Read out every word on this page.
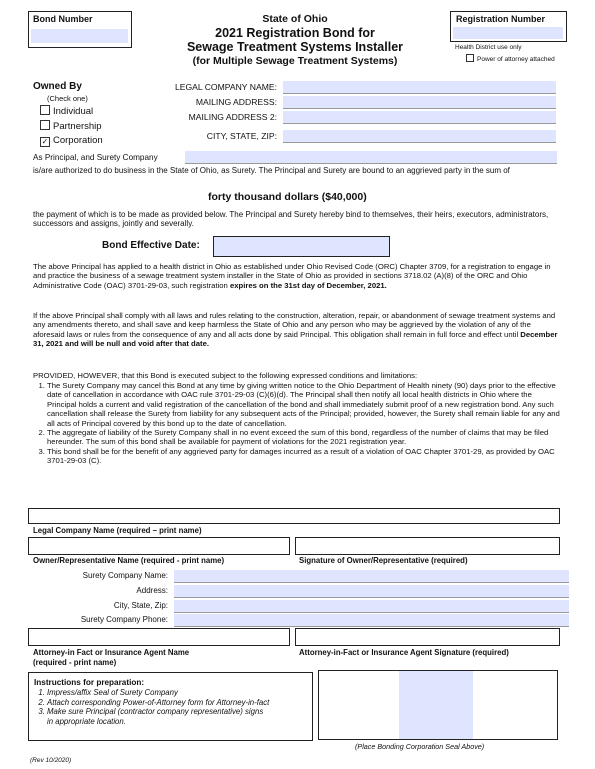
Bond Number	Registration Number
Health District use only
Power of attorney attached
State of Ohio
2021 Registration Bond for
Sewage Treatment Systems Installer
(for Multiple Sewage Treatment Systems)
Owned By
(Check one)
Individual
Partnership
✓ Corporation
LEGAL COMPANY NAME:
MAILING ADDRESS:
MAILING ADDRESS 2:
CITY, STATE, ZIP:
As Principal, and Surety Company
is/are authorized to do business in the State of Ohio, as Surety. The Principal and Surety are bound to an aggrieved party in the sum of
forty thousand dollars ($40,000)
the payment of which is to be made as provided below. The Principal and Surety hereby bind to themselves, their heirs, executors, administrators, successors and assigns, jointly and severally.
Bond Effective Date:
The above Principal has applied to a health district in Ohio as established under Ohio Revised Code (ORC) Chapter 3709, for a registration to engage in and practice the business of a sewage treatment system installer in the State of Ohio as provided in sections 3718.02 (A)(8) of the ORC and Ohio Administrative Code (OAC) 3701-29-03, such registration expires on the 31st day of December, 2021.
If the above Principal shall comply with all laws and rules relating to the construction, alteration, repair, or abandonment of sewage treatment systems and any amendments thereto, and shall save and keep harmless the State of Ohio and any person who may be aggrieved by the violation of any of the aforesaid laws or rules from the consequence of any and all acts done by said Principal. This obligation shall remain in full force and effect until December 31, 2021 and will be null and void after that date.
PROVIDED, HOWEVER, that this Bond is executed subject to the following expressed conditions and limitations:
1. The Surety Company may cancel this Bond at any time by giving written notice to the Ohio Department of Health ninety (90) days prior to the effective date of cancellation in accordance with OAC rule 3701-29-03 (C)(6)(d). The Principal shall then notify all local health districts in Ohio where the Principal holds a current and valid registration of the cancellation of the bond and shall immediately submit proof of a new registration bond. Any such cancellation shall release the Surety from liability for any subsequent acts of the Principal; provided, however, the Surety shall remain liable for any and all acts of Principal covered by this bond up to the date of cancellation.
2. The aggregate of liability of the Surety Company shall in no event exceed the sum of this bond, regardless of the number of claims that may be filed hereunder. The sum of this bond shall be available for payment of violations for the 2021 registration year.
3. This bond shall be for the benefit of any aggrieved party for damages incurred as a result of a violation of OAC Chapter 3701-29, as provided by OAC 3701-29-03 (C).
Legal Company Name (required – print name)
Owner/Representative Name (required - print name)	Signature of Owner/Representative (required)
Surety Company Name:
Address:
City, State, Zip:
Surety Company Phone:
Attorney-in Fact or Insurance Agent Name
(required - print name)
Attorney-in-Fact or Insurance Agent Signature (required)
Instructions for preparation:
1. Impress/affix Seal of Surety Company
2. Attach corresponding Power-of-Attorney form for Attorney-in-fact
3. Make sure Principal (contractor company representative) signs
in appropriate location.
(Place Bonding Corporation Seal Above)
(Rev 10/2020)
